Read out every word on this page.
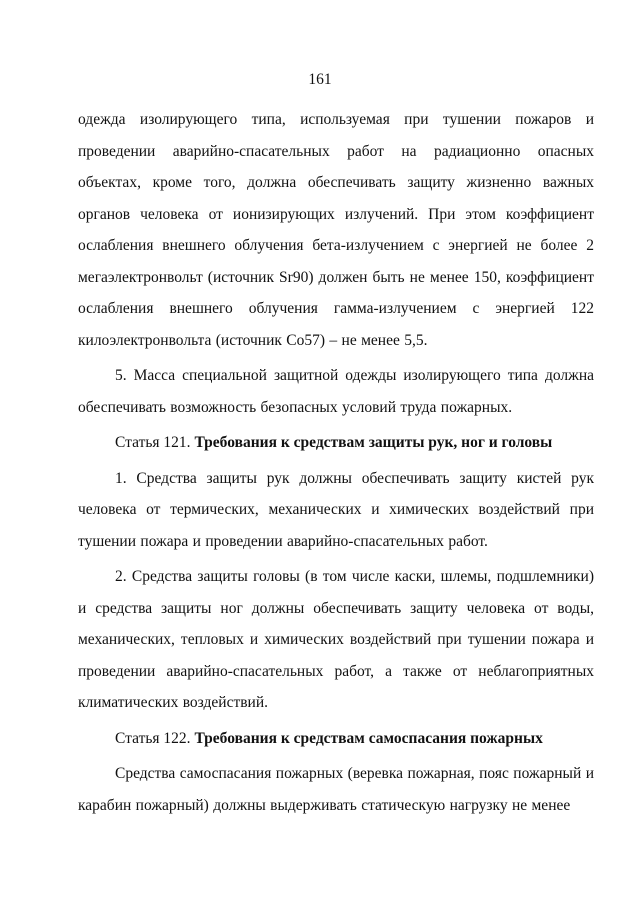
161

одежда изолирующего типа, используемая при тушении пожаров и проведении аварийно-спасательных работ на радиационно опасных объектах, кроме того, должна обеспечивать защиту жизненно важных органов человека от ионизирующих излучений. При этом коэффициент ослабления внешнего облучения бета-излучением с энергией не более 2 мегаэлектронвольт (источник Sr90) должен быть не менее 150, коэффициент ослабления внешнего облучения гамма-излучением с энергией 122 килоэлектронвольта (источник Co57) – не менее 5,5.

5. Масса специальной защитной одежды изолирующего типа должна обеспечивать возможность безопасных условий труда пожарных.

Статья 121. Требования к средствам защиты рук, ног и головы

1. Средства защиты рук должны обеспечивать защиту кистей рук человека от термических, механических и химических воздействий при тушении пожара и проведении аварийно-спасательных работ.

2. Средства защиты головы (в том числе каски, шлемы, подшлемники) и средства защиты ног должны обеспечивать защиту человека от воды, механических, тепловых и химических воздействий при тушении пожара и проведении аварийно-спасательных работ, а также от неблагоприятных климатических воздействий.

Статья 122. Требования к средствам самоспасания пожарных

Средства самоспасания пожарных (веревка пожарная, пояс пожарный и карабин пожарный) должны выдерживать статическую нагрузку не менее
